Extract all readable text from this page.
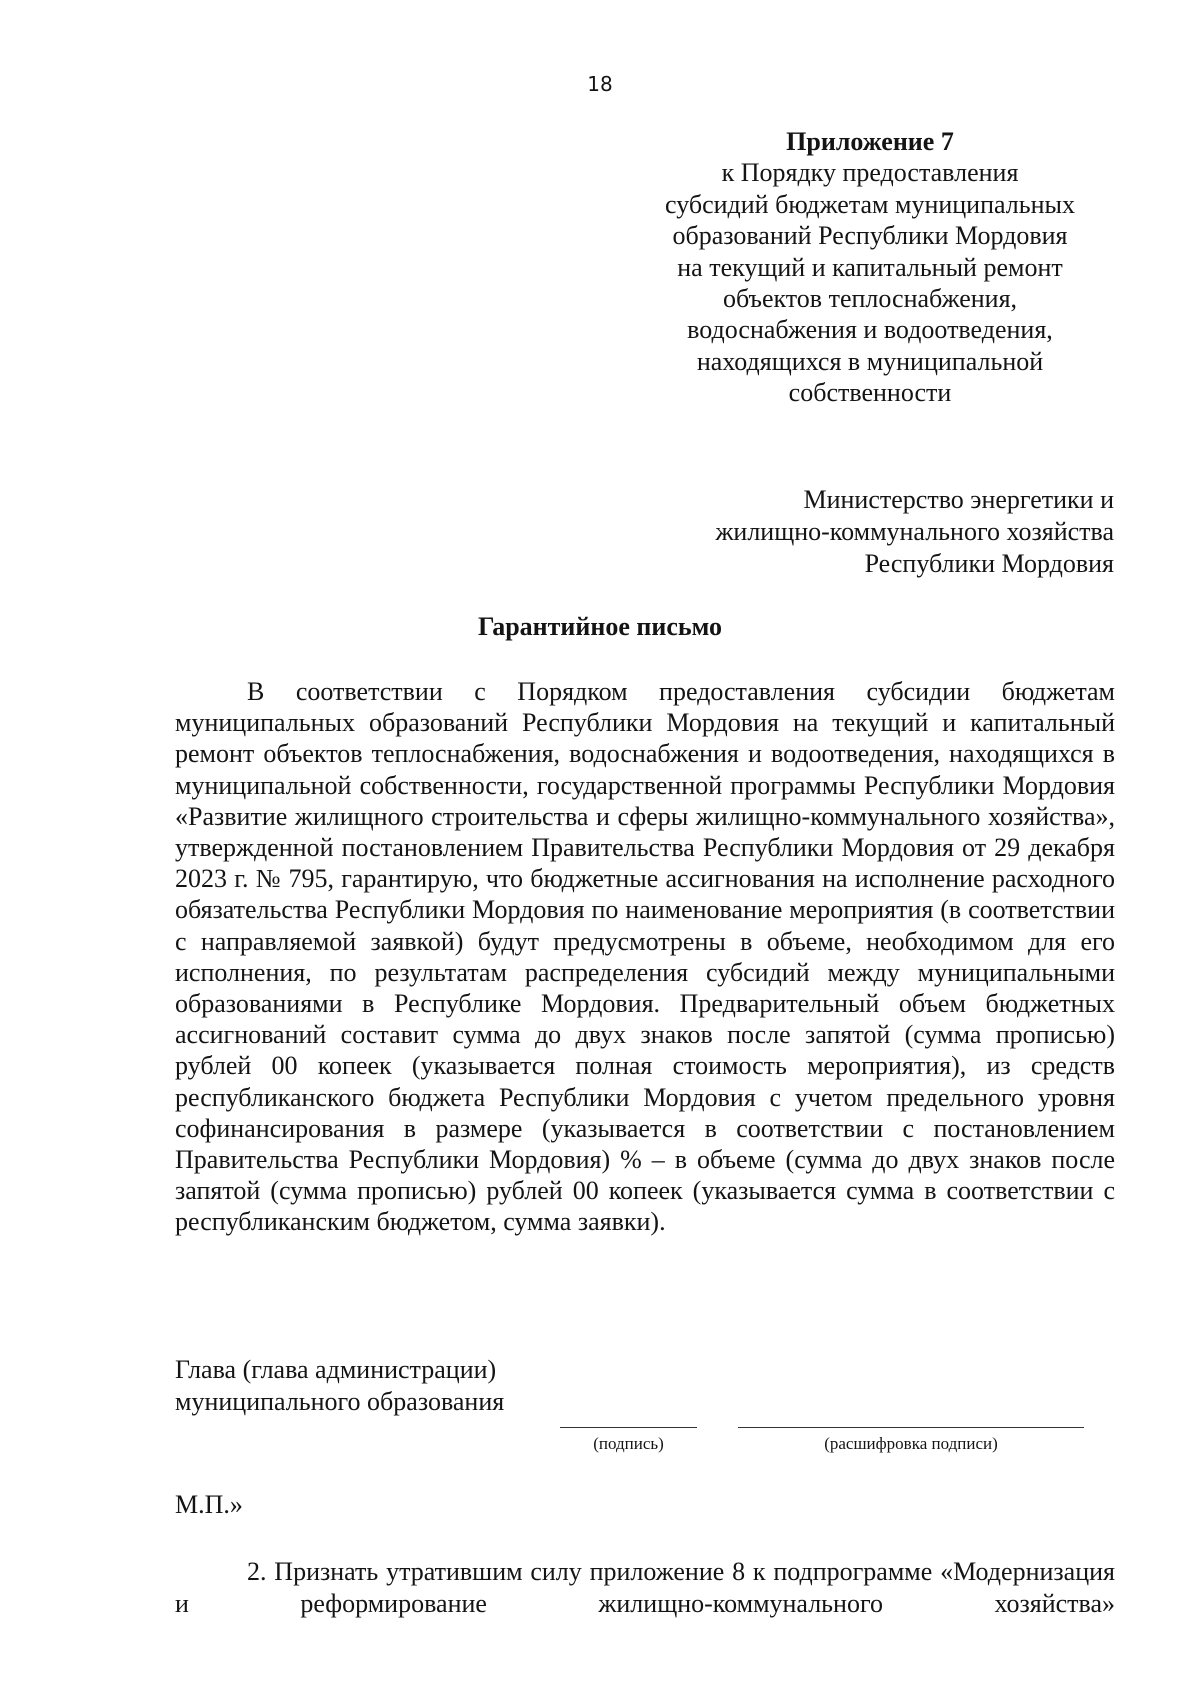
18
Приложение 7
к Порядку предоставления
субсидий бюджетам муниципальных
образований Республики Мордовия
на текущий и капитальный ремонт
объектов теплоснабжения,
водоснабжения и водоотведения,
находящихся в муниципальной
собственности
Министерство энергетики и
жилищно-коммунального хозяйства
Республики Мордовия
Гарантийное письмо

В соответствии с Порядком предоставления субсидии бюджетам муниципальных образований Республики Мордовия на текущий и капитальный ремонт объектов теплоснабжения, водоснабжения и водоотведения, находящихся в муниципальной собственности, государственной программы Республики Мордовия «Развитие жилищного строительства и сферы жилищно-коммунального хозяйства», утвержденной постановлением Правительства Республики Мордовия от 29 декабря 2023 г. № 795, гарантирую, что бюджетные ассигнования на исполнение расходного обязательства Республики Мордовия по наименование мероприятия (в соответствии с направляемой заявкой) будут предусмотрены в объеме, необходимом для его исполнения, по результатам распределения субсидий между муниципальными образованиями в Республике Мордовия. Предварительный объем бюджетных ассигнований составит сумма до двух знаков после запятой (сумма прописью) рублей 00 копеек (указывается полная стоимость мероприятия), из средств республиканского бюджета Республики Мордовия с учетом предельного уровня софинансирования в размере (указывается в соответствии с постановлением Правительства Республики Мордовия) % – в объеме (сумма до двух знаков после запятой (сумма прописью) рублей 00 копеек (указывается сумма в соответствии с республиканским бюджетом, сумма заявки).

Глава (глава администрации)
муниципального образования
(подпись)	(расшифровка подписи)
М.П.»

2. Признать утратившим силу приложение 8 к подпрограмме «Модернизация и реформирование жилищно-коммунального хозяйства»
